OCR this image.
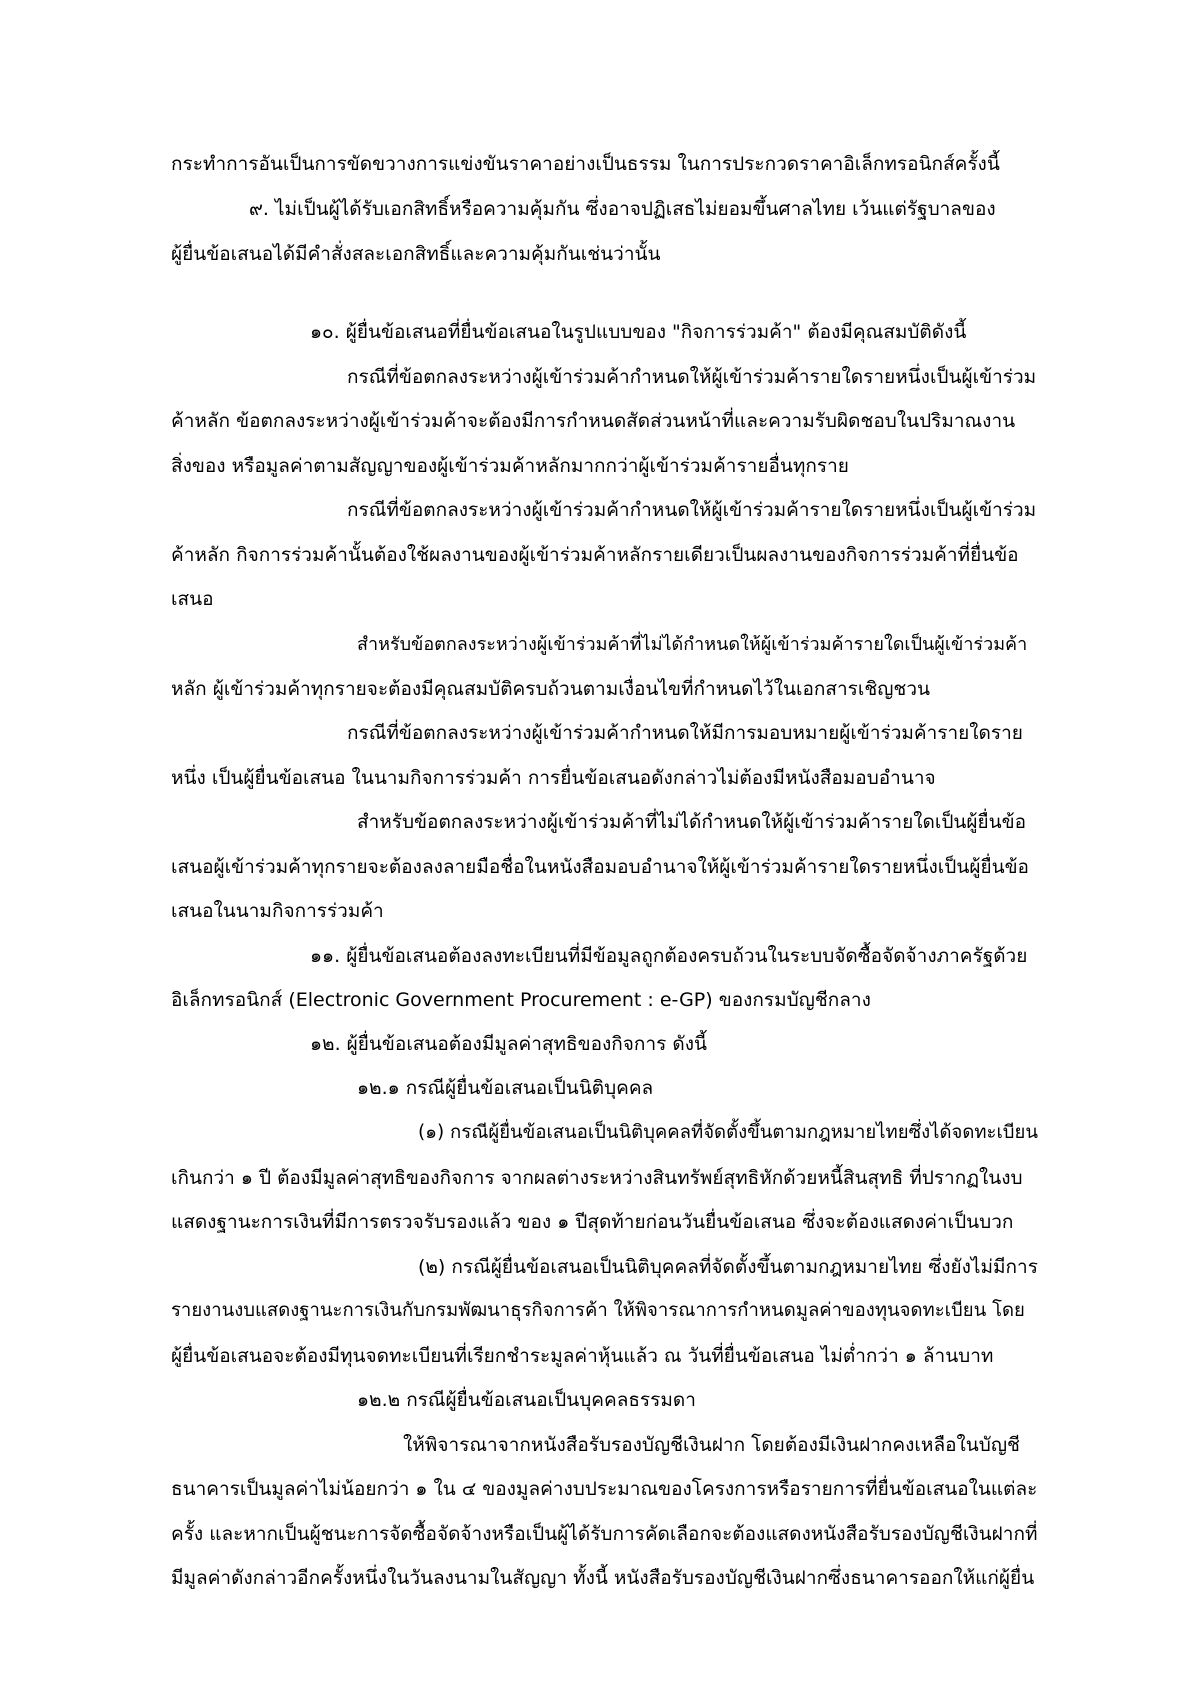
กระทำการอันเป็นการขัดขวางการแข่งขันราคาอย่างเป็นธรรม ในการประกวดราคาอิเล็กทรอนิกส์ครั้งนี้
๙. ไม่เป็นผู้ได้รับเอกสิทธิ์หรือความคุ้มกัน ซึ่งอาจปฏิเสธไม่ยอมขึ้นศาลไทย เว้นแต่รัฐบาลของ
ผู้ยื่นข้อเสนอได้มีคำสั่งสละเอกสิทธิ์และความคุ้มกันเช่นว่านั้น
๑๐. ผู้ยื่นข้อเสนอที่ยื่นข้อเสนอในรูปแบบของ "กิจการร่วมค้า" ต้องมีคุณสมบัติดังนี้
กรณีที่ข้อตกลงระหว่างผู้เข้าร่วมค้ากำหนดให้ผู้เข้าร่วมค้ารายใดรายหนึ่งเป็นผู้เข้าร่วม
ค้าหลัก ข้อตกลงระหว่างผู้เข้าร่วมค้าจะต้องมีการกำหนดสัดส่วนหน้าที่และความรับผิดชอบในปริมาณงาน
สิ่งของ หรือมูลค่าตามสัญญาของผู้เข้าร่วมค้าหลักมากกว่าผู้เข้าร่วมค้ารายอื่นทุกราย
กรณีที่ข้อตกลงระหว่างผู้เข้าร่วมค้ากำหนดให้ผู้เข้าร่วมค้ารายใดรายหนึ่งเป็นผู้เข้าร่วม
ค้าหลัก กิจการร่วมค้านั้นต้องใช้ผลงานของผู้เข้าร่วมค้าหลักรายเดียวเป็นผลงานของกิจการร่วมค้าที่ยื่นข้อ
เสนอ
สำหรับข้อตกลงระหว่างผู้เข้าร่วมค้าที่ไม่ได้กำหนดให้ผู้เข้าร่วมค้ารายใดเป็นผู้เข้าร่วมค้า
หลัก ผู้เข้าร่วมค้าทุกรายจะต้องมีคุณสมบัติครบถ้วนตามเงื่อนไขที่กำหนดไว้ในเอกสารเชิญชวน
กรณีที่ข้อตกลงระหว่างผู้เข้าร่วมค้ากำหนดให้มีการมอบหมายผู้เข้าร่วมค้ารายใดราย
หนึ่ง เป็นผู้ยื่นข้อเสนอ ในนามกิจการร่วมค้า การยื่นข้อเสนอดังกล่าวไม่ต้องมีหนังสือมอบอำนาจ
สำหรับข้อตกลงระหว่างผู้เข้าร่วมค้าที่ไม่ได้กำหนดให้ผู้เข้าร่วมค้ารายใดเป็นผู้ยื่นข้อ
เสนอผู้เข้าร่วมค้าทุกรายจะต้องลงลายมือชื่อในหนังสือมอบอำนาจให้ผู้เข้าร่วมค้ารายใดรายหนึ่งเป็นผู้ยื่นข้อ
เสนอในนามกิจการร่วมค้า
๑๑. ผู้ยื่นข้อเสนอต้องลงทะเบียนที่มีข้อมูลถูกต้องครบถ้วนในระบบจัดซื้อจัดจ้างภาครัฐด้วย
อิเล็กทรอนิกส์ (Electronic Government Procurement : e-GP) ของกรมบัญชีกลาง
๑๒. ผู้ยื่นข้อเสนอต้องมีมูลค่าสุทธิของกิจการ ดังนี้
๑๒.๑ กรณีผู้ยื่นข้อเสนอเป็นนิติบุคคล
(๑) กรณีผู้ยื่นข้อเสนอเป็นนิติบุคคลที่จัดตั้งขึ้นตามกฎหมายไทยซึ่งได้จดทะเบียน
เกินกว่า ๑ ปี ต้องมีมูลค่าสุทธิของกิจการ จากผลต่างระหว่างสินทรัพย์สุทธิหักด้วยหนี้สินสุทธิ ที่ปรากฏในงบ
แสดงฐานะการเงินที่มีการตรวจรับรองแล้ว ของ ๑ ปีสุดท้ายก่อนวันยื่นข้อเสนอ ซึ่งจะต้องแสดงค่าเป็นบวก
(๒) กรณีผู้ยื่นข้อเสนอเป็นนิติบุคคลที่จัดตั้งขึ้นตามกฎหมายไทย ซึ่งยังไม่มีการ
รายงานงบแสดงฐานะการเงินกับกรมพัฒนาธุรกิจการค้า ให้พิจารณาการกำหนดมูลค่าของทุนจดทะเบียน โดย
ผู้ยื่นข้อเสนอจะต้องมีทุนจดทะเบียนที่เรียกชำระมูลค่าหุ้นแล้ว ณ วันที่ยื่นข้อเสนอ ไม่ต่ำกว่า ๑ ล้านบาท
๑๒.๒ กรณีผู้ยื่นข้อเสนอเป็นบุคคลธรรมดา
ให้พิจารณาจากหนังสือรับรองบัญชีเงินฝาก โดยต้องมีเงินฝากคงเหลือในบัญชี
ธนาคารเป็นมูลค่าไม่น้อยกว่า ๑ ใน ๔ ของมูลค่างบประมาณของโครงการหรือรายการที่ยื่นข้อเสนอในแต่ละ
ครั้ง และหากเป็นผู้ชนะการจัดซื้อจัดจ้างหรือเป็นผู้ได้รับการคัดเลือกจะต้องแสดงหนังสือรับรองบัญชีเงินฝากที่
มีมูลค่าดังกล่าวอีกครั้งหนึ่งในวันลงนามในสัญญา ทั้งนี้ หนังสือรับรองบัญชีเงินฝากซึ่งธนาคารออกให้แก่ผู้ยื่น
